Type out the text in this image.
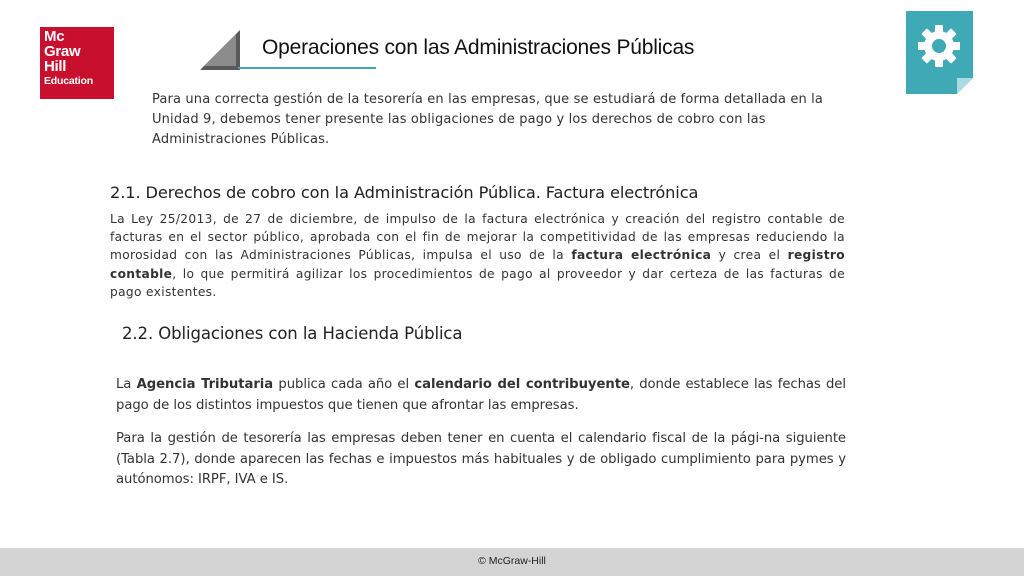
Mc
Graw
Hill
Education
Operaciones con las Administraciones Públicas

Para una correcta gestión de la tesorería en las empresas, que se estudiará de forma detallada en la Unidad 9, debemos tener presente las obligaciones de pago y los derechos de cobro con las Administraciones Públicas.

2.1. Derechos de cobro con la Administración Pública. Factura electrónica

La Ley 25/2013, de 27 de diciembre, de impulso de la factura electrónica y creación del registro contable de facturas en el sector público, aprobada con el fin de mejorar la competitividad de las empresas reduciendo la morosidad con las Administraciones Públicas, impulsa el uso de la factura electrónica y crea el registro contable, lo que permitirá agilizar los procedimientos de pago al proveedor y dar certeza de las facturas de pago existentes.

2.2. Obligaciones con la Hacienda Pública

La Agencia Tributaria publica cada año el calendario del contribuyente, donde establece las fechas del pago de los distintos impuestos que tienen que afrontar las empresas.

Para la gestión de tesorería las empresas deben tener en cuenta el calendario fiscal de la pági-na siguiente (Tabla 2.7), donde aparecen las fechas e impuestos más habituales y de obligado cumplimiento para pymes y autónomos: IRPF, IVA e IS.

© McGraw-Hill
